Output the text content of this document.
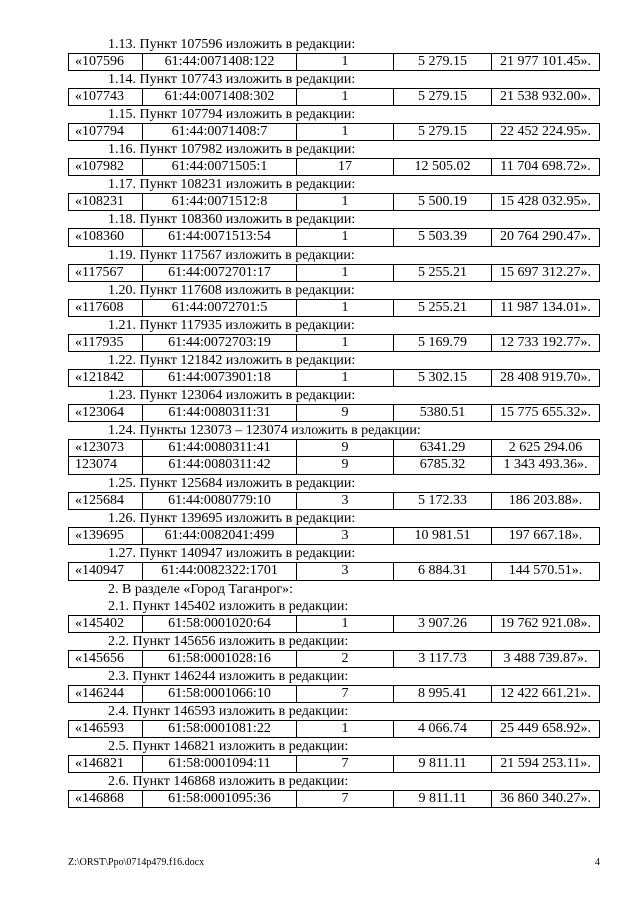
1.13. Пункт 107596 изложить в редакции:
«107596	61:44:0071408:122	1	5 279.15	21 977 101.45».
1.14. Пункт 107743 изложить в редакции:
«107743	61:44:0071408:302	1	5 279.15	21 538 932.00».
1.15. Пункт 107794 изложить в редакции:
«107794	61:44:0071408:7	1	5 279.15	22 452 224.95».
1.16. Пункт 107982 изложить в редакции:
«107982	61:44:0071505:1	17	12 505.02	11 704 698.72».
1.17. Пункт 108231 изложить в редакции:
«108231	61:44:0071512:8	1	5 500.19	15 428 032.95».
1.18. Пункт 108360 изложить в редакции:
«108360	61:44:0071513:54	1	5 503.39	20 764 290.47».
1.19. Пункт 117567 изложить в редакции:
«117567	61:44:0072701:17	1	5 255.21	15 697 312.27».
1.20. Пункт 117608 изложить в редакции:
«117608	61:44:0072701:5	1	5 255.21	11 987 134.01».
1.21. Пункт 117935 изложить в редакции:
«117935	61:44:0072703:19	1	5 169.79	12 733 192.77».
1.22. Пункт 121842 изложить в редакции:
«121842	61:44:0073901:18	1	5 302.15	28 408 919.70».
1.23. Пункт 123064 изложить в редакции:
«123064	61:44:0080311:31	9	5380.51	15 775 655.32».
1.24. Пункты 123073 – 123074 изложить в редакции:
«123073	61:44:0080311:41	9	6341.29	2 625 294.06
123074	61:44:0080311:42	9	6785.32	1 343 493.36».
1.25. Пункт 125684 изложить в редакции:
«125684	61:44:0080779:10	3	5 172.33	186 203.88».
1.26. Пункт 139695 изложить в редакции:
«139695	61:44:0082041:499	3	10 981.51	197 667.18».
1.27. Пункт 140947 изложить в редакции:
«140947	61:44:0082322:1701	3	6 884.31	144 570.51».
2. В разделе «Город Таганрог»:
2.1. Пункт 145402 изложить в редакции:
«145402	61:58:0001020:64	1	3 907.26	19 762 921.08».
2.2. Пункт 145656 изложить в редакции:
«145656	61:58:0001028:16	2	3 117.73	3 488 739.87».
2.3. Пункт 146244 изложить в редакции:
«146244	61:58:0001066:10	7	8 995.41	12 422 661.21».
2.4. Пункт 146593 изложить в редакции:
«146593	61:58:0001081:22	1	4 066.74	25 449 658.92».
2.5. Пункт 146821 изложить в редакции:
«146821	61:58:0001094:11	7	9 811.11	21 594 253.11».
2.6. Пункт 146868 изложить в редакции:
«146868	61:58:0001095:36	7	9 811.11	36 860 340.27».
Z:\ORST\Ppo\0714p479.f16.docx	4
